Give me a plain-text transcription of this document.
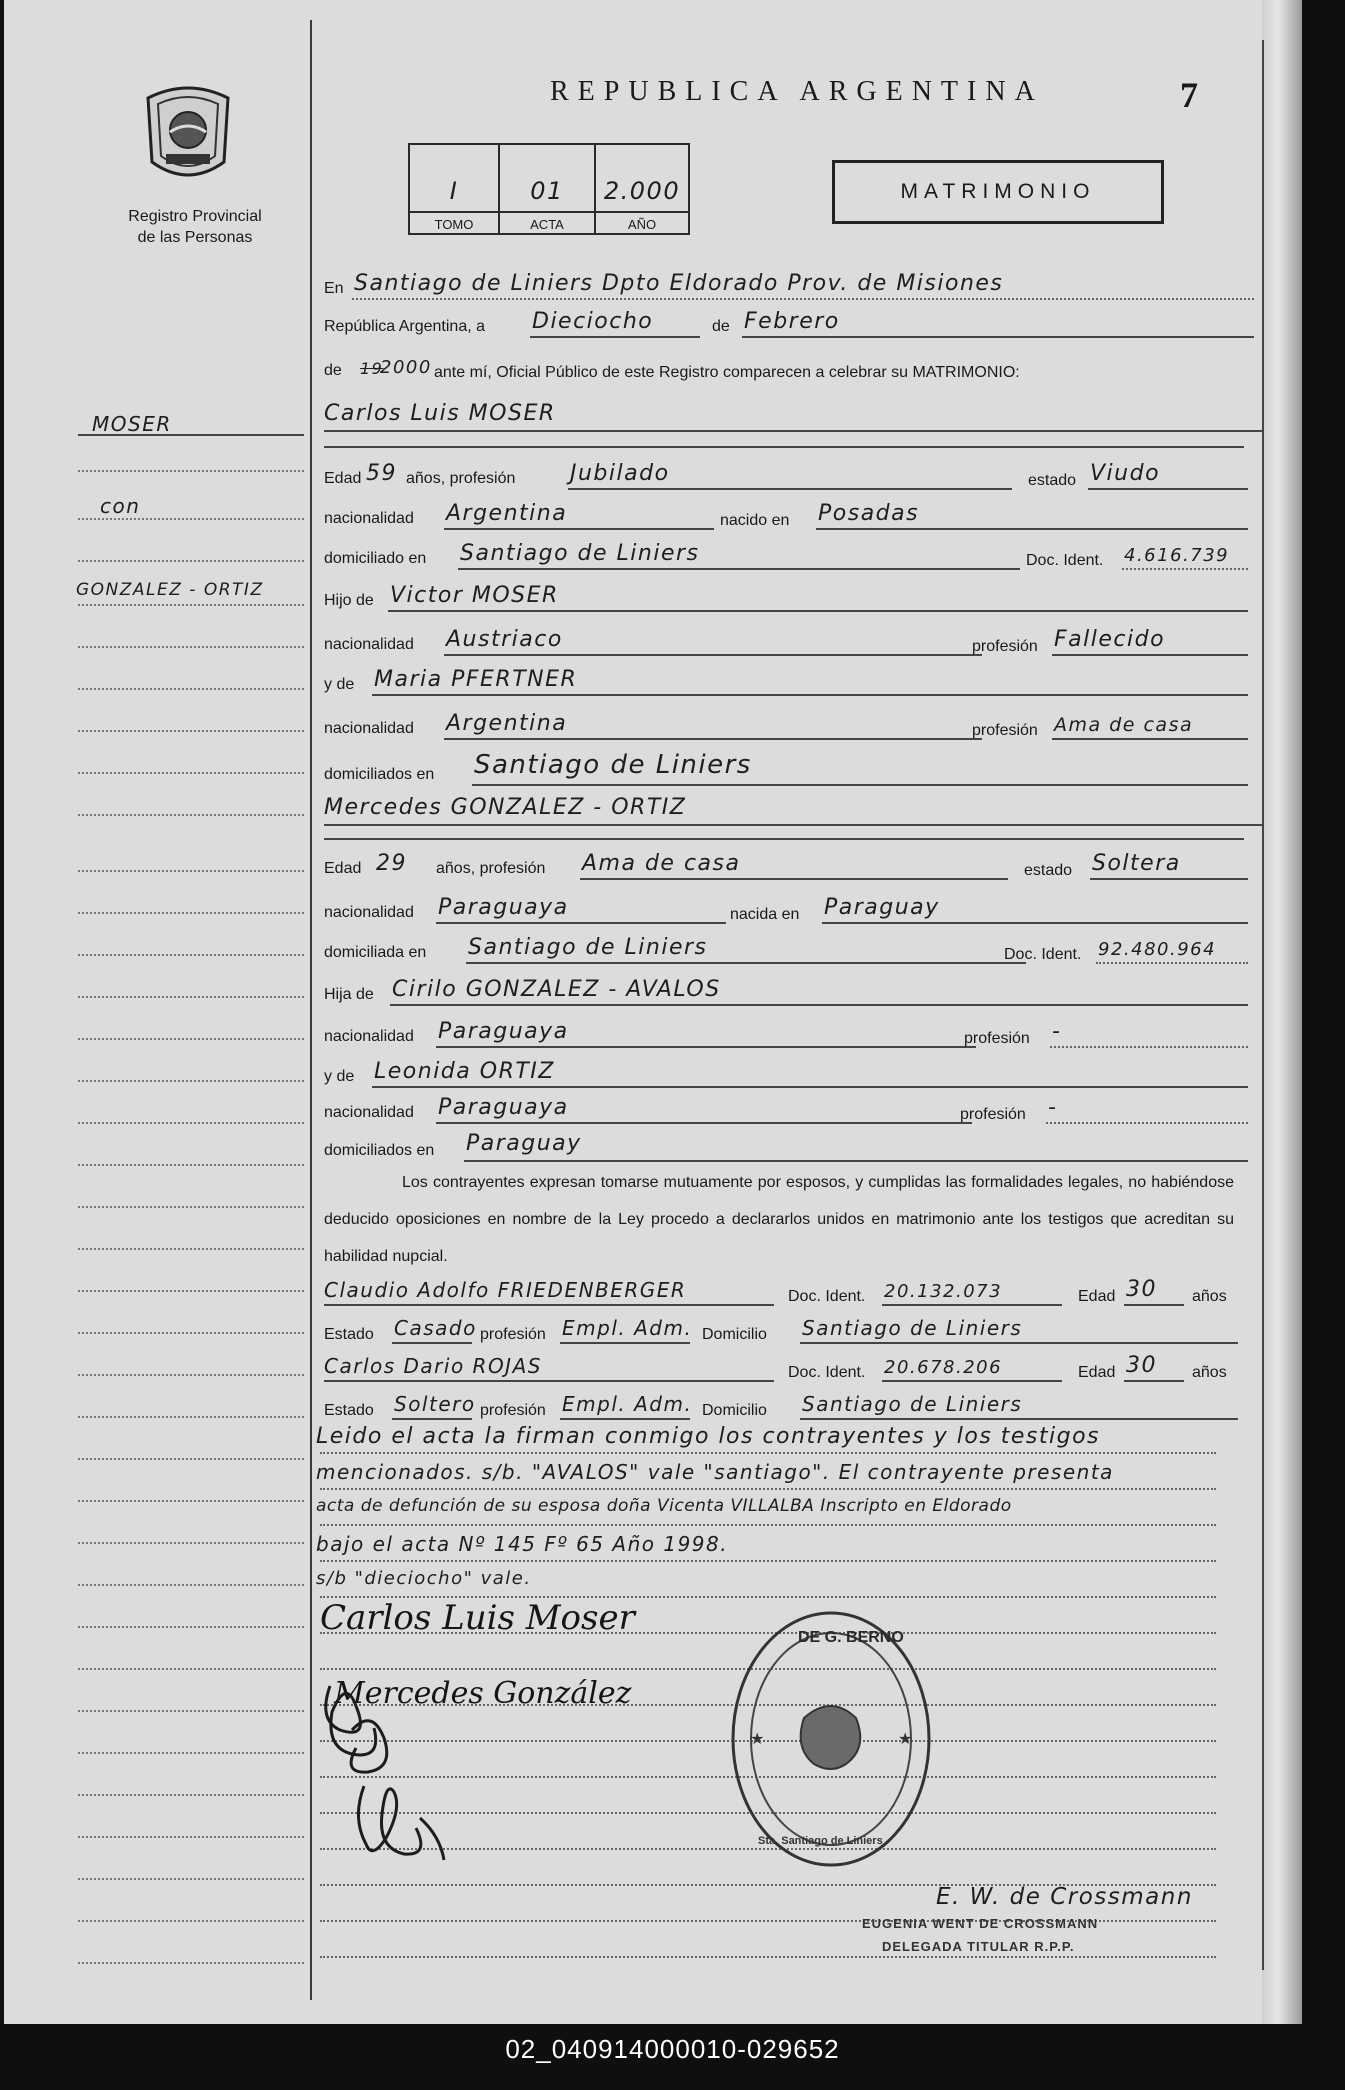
REPUBLICA ARGENTINA	7
Registro Provincial
de las Personas
I
TOMO
01
ACTA
2.000
AÑO
MATRIMONIO
MOSER
con
GONZALEZ - ORTIZ
En Santiago de Liniers Dpto Eldorado Prov. de Misiones
República Argentina, a Dieciocho	de Febrero
de 19
2000 ante mí, Oficial Público de este Registro comparecen a celebrar su MATRIMONIO:
Carlos Luis MOSER
Edad 59 años, profesión Jubilado	estado Viudo
nacionalidad Argentina	nacido en Posadas
domiciliado en Santiago de Liniers	Doc. Ident. 4.616.739
Hijo de Victor MOSER
nacionalidad Austriaco	profesión Fallecido
y de Maria PFERTNER
nacionalidad Argentina	profesión Ama de casa
domiciliados en Santiago de Liniers
Mercedes GONZALEZ - ORTIZ
Edad 29 años, profesión Ama de casa	estado Soltera
nacionalidad Paraguaya	nacida en Paraguay
domiciliada en Santiago de Liniers	Doc. Ident. 92.480.964
Hija de Cirilo GONZALEZ - AVALOS
nacionalidad Paraguaya	profesión -
y de Leonida ORTIZ
nacionalidad Paraguaya	profesión -
domiciliados en Paraguay
Los contrayentes expresan tomarse mutuamente por esposos, y cumplidas las formalidades legales, no habiéndose deducido oposiciones en nombre de la Ley procedo a declararlos unidos en matrimonio ante los testigos que acreditan su habilidad nupcial.
Claudio Adolfo FRIEDENBERGER	Doc. Ident. 20.132.073	Edad 30 años
Estado Casado profesión Empl. Adm. Domicilio Santiago de Liniers
Carlos Dario ROJAS	Doc. Ident. 20.678.206	Edad 30 años
Estado Soltero profesión Empl. Adm. Domicilio Santiago de Liniers
Leido el acta la firman conmigo los contrayentes y los testigos
mencionados. s/b. "AVALOS" vale "santiago". El contrayente presenta
acta de defunción de su esposa doña Vicenta VILLALBA Inscripto en Eldorado
bajo el acta Nº 145 Fº 65 Año 1998.
s/b "dieciocho" vale.
Carlos Luis Moser
Mercedes González
DE G. BERNO
Sta. Santiago de Liniers
★	★
E. W. de Crossmann
EUGENIA WENT DE CROSSMANN
DELEGADA TITULAR R.P.P.
02_040914000010-029652
